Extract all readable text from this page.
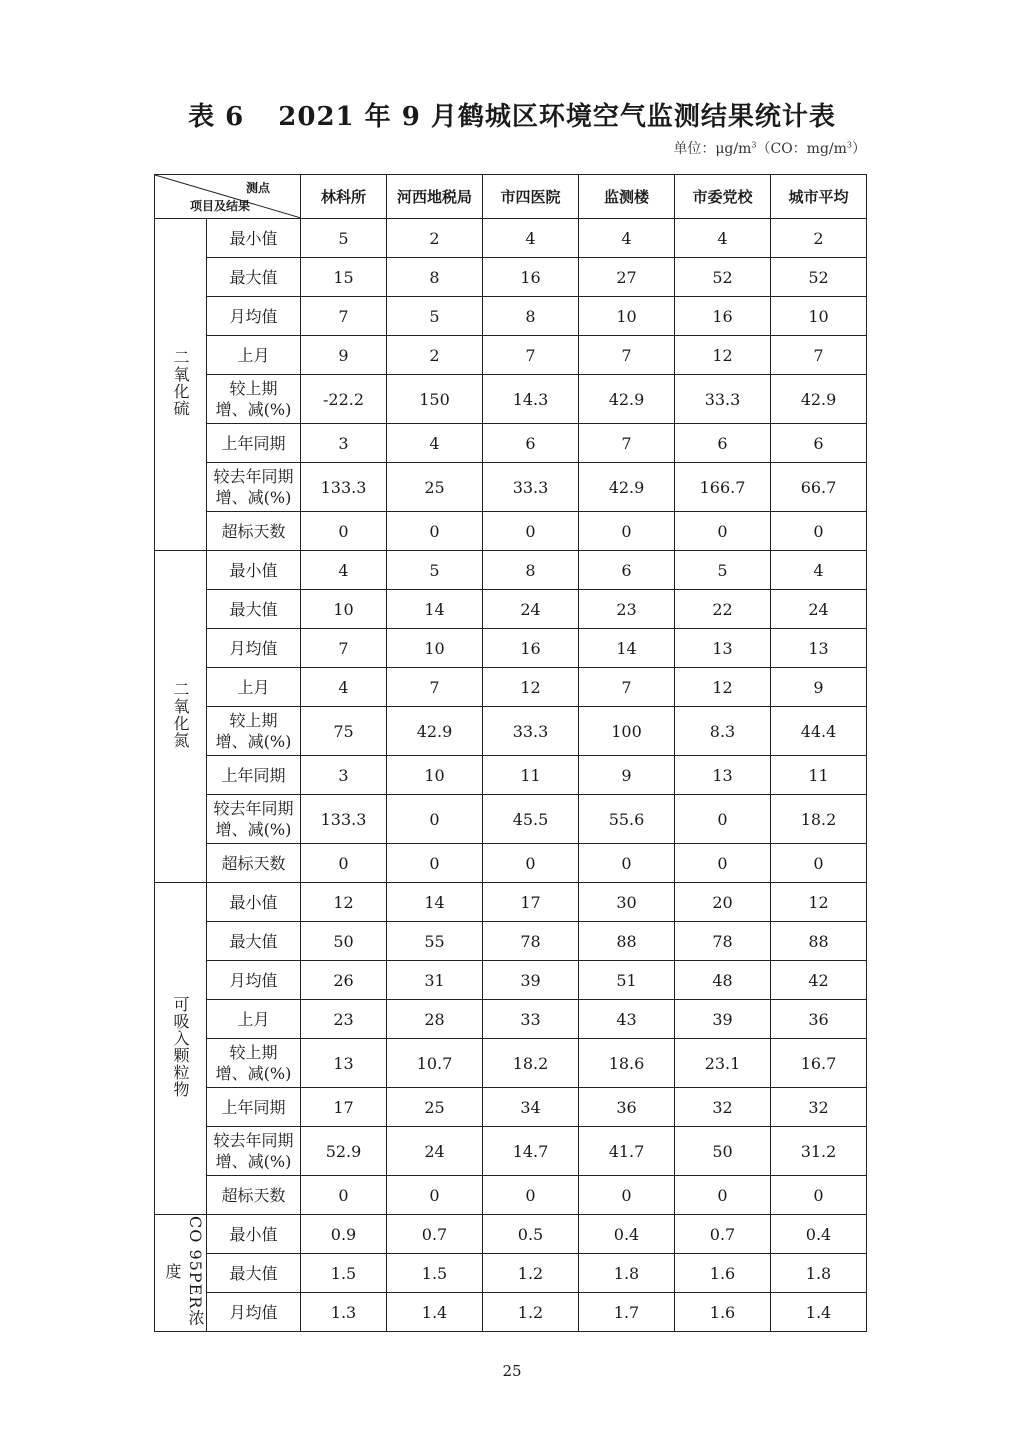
表 6 2021 年 9 月鹤城区环境空气监测结果统计表
单位：$\mu g/m^3(CO$：$mg/m^3$）
测点
项目及结果		林科所	河西地税局	市四医院	监测楼	市委党校	城市平均
二氧化硫	最小值	5	2	4	4	4	2
	最大值	15	8	16	27	52	52
	月均值	7	5	8	10	16	10
	上月	9	2	7	7	12	7
	较上期
增、减(%)	-22.2	150	14.3	42.9	33.3	42.9
	上年同期	3	4	6	7	6	6
	较去年同期
增、减(%)	133.3	25	33.3	42.9	166.7	66.7
	超标天数	0	0	0	0	0	0
二氧化氮	最小值	4	5	8	6	5	4
	最大值	10	14	24	23	22	24
	月均值	7	10	16	14	13	13
	上月	4	7	12	7	12	9
	较上期
增、减(%)	75	42.9	33.3	100	8.3	44.4
	上年同期	3	10	11	9	13	11
	较去年同期
增、减(%)	133.3	0	45.5	55.6	0	18.2
	超标天数	0	0	0	0	0	0
可吸入颗粒物	最小值	12	14	17	30	20	12
	最大值	50	55	78	88	78	88
	月均值	26	31	39	51	48	42
	上月	23	28	33	43	39	36
	较上期
增、减(%)	13	10.7	18.2	18.6	23.1	16.7
	上年同期	17	25	34	36	32	32
	较去年同期
增、减(%)	52.9	24	14.7	41.7	50	31.2
	超标天数	0	0	0	0	0	0
CO 95PER浓度	最小值	0.9	0.7	0.5	0.4	0.7	0.4
	最大值	1.5	1.5	1.2	1.8	1.6	1.8
	月均值	1.3	1.4	1.2	1.7	1.6	1.4
25
